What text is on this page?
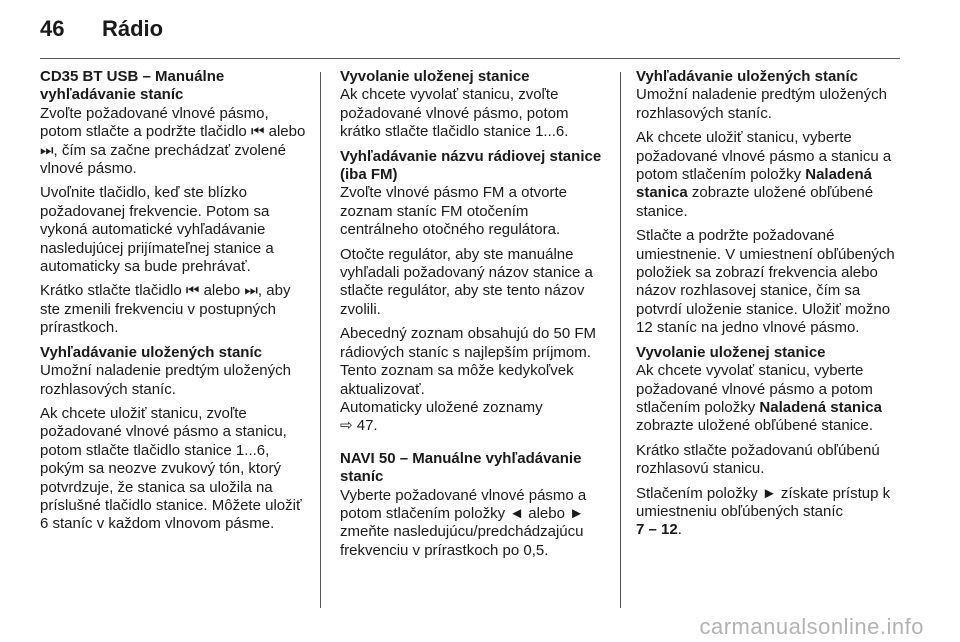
46 Rádio

CD35 BT USB – Manuálne vyhľadávanie staníc

Zvoľte požadované vlnové pásmo, potom stlačte a podržte tlačidlo ⏮ alebo ⏭, čím sa začne prechádzať zvolené vlnové pásmo.

Uvoľnite tlačidlo, keď ste blízko požadovanej frekvencie. Potom sa vykoná automatické vyhľadávanie nasledujúcej prijímateľnej stanice a automaticky sa bude prehrávať.

Krátko stlačte tlačidlo ⏮ alebo ⏭, aby ste zmenili frekvenciu v postupných prírastkoch.

Vyhľadávanie uložených staníc

Umožní naladenie predtým uložených rozhlasových staníc.

Ak chcete uložiť stanicu, zvoľte požadované vlnové pásmo a stanicu, potom stlačte tlačidlo stanice 1...6, pokým sa neozve zvukový tón, ktorý potvrdzuje, že stanica sa uložila na príslušné tlačidlo stanice. Môžete uložiť 6 staníc v každom vlnovom pásme.

Vyvolanie uloženej stanice

Ak chcete vyvolať stanicu, zvoľte požadované vlnové pásmo, potom krátko stlačte tlačidlo stanice 1...6.

Vyhľadávanie názvu rádiovej stanice (iba FM)

Zvoľte vlnové pásmo FM a otvorte zoznam staníc FM otočením centrálneho otočného regulátora.

Otočte regulátor, aby ste manuálne vyhľadali požadovaný názov stanice a stlačte regulátor, aby ste tento názov zvolili.

Abecedný zoznam obsahujú do 50 FM rádiových staníc s najlepším príjmom. Tento zoznam sa môže kedykoľvek aktualizovať.
Automaticky uložené zoznamy
⇨ 47.

NAVI 50 – Manuálne vyhľadávanie staníc

Vyberte požadované vlnové pásmo a potom stlačením položky ◄ alebo ► zmeňte nasledujúcu/predchádzajúcu frekvenciu v prírastkoch po 0,5.

Vyhľadávanie uložených staníc

Umožní naladenie predtým uložených rozhlasových staníc.

Ak chcete uložiť stanicu, vyberte požadované vlnové pásmo a stanicu a potom stlačením položky Naladená stanica zobrazte uložené obľúbené stanice.

Stlačte a podržte požadované umiestnenie. V umiestnení obľúbených položiek sa zobrazí frekvencia alebo názov rozhlasovej stanice, čím sa potvrdí uloženie stanice. Uložiť možno 12 staníc na jedno vlnové pásmo.

Vyvolanie uloženej stanice

Ak chcete vyvolať stanicu, vyberte požadované vlnové pásmo a potom stlačením položky Naladená stanica zobrazte uložené obľúbené stanice.

Krátko stlačte požadovanú obľúbenú rozhlasovú stanicu.

Stlačením položky ► získate prístup k umiestneniu obľúbených staníc
7 – 12.

carmanualsonline.info
